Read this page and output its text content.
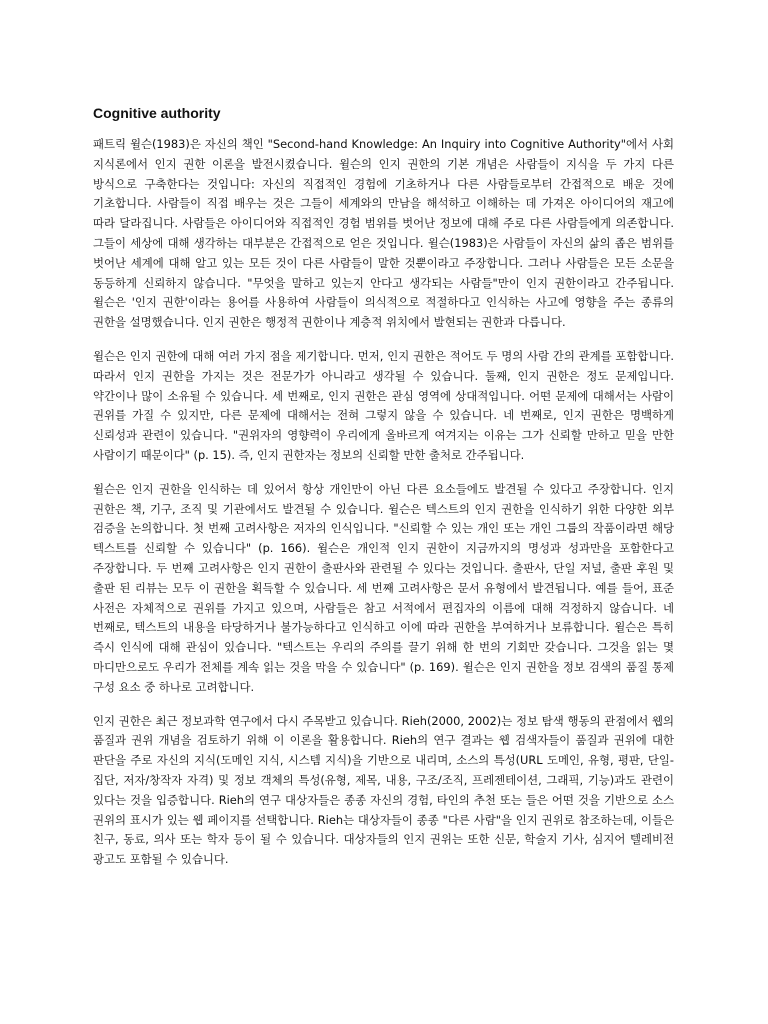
Cognitive authority

패트릭 윌슨(1983)은 자신의 책인 "Second-hand Knowledge: An Inquiry into Cognitive Authority"에서 사회 지식론에서 인지 권한 이론을 발전시켰습니다. 윌슨의 인지 권한의 기본 개념은 사람들이 지식을 두 가지 다른 방식으로 구축한다는 것입니다: 자신의 직접적인 경험에 기초하거나 다른 사람들로부터 간접적으로 배운 것에 기초합니다. 사람들이 직접 배우는 것은 그들이 세계와의 만남을 해석하고 이해하는 데 가져온 아이디어의 재고에 따라 달라집니다. 사람들은 아이디어와 직접적인 경험 범위를 벗어난 정보에 대해 주로 다른 사람들에게 의존합니다. 그들이 세상에 대해 생각하는 대부분은 간접적으로 얻은 것입니다. 윌슨(1983)은 사람들이 자신의 삶의 좁은 범위를 벗어난 세계에 대해 알고 있는 모든 것이 다른 사람들이 말한 것뿐이라고 주장합니다. 그러나 사람들은 모든 소문을 동등하게 신뢰하지 않습니다. "무엇을 말하고 있는지 안다고 생각되는 사람들"만이 인지 권한이라고 간주됩니다. 윌슨은 '인지 권한'이라는 용어를 사용하여 사람들이 의식적으로 적절하다고 인식하는 사고에 영향을 주는 종류의 권한을 설명했습니다. 인지 권한은 행정적 권한이나 계층적 위치에서 발현되는 권한과 다릅니다.

윌슨은 인지 권한에 대해 여러 가지 점을 제기합니다. 먼저, 인지 권한은 적어도 두 명의 사람 간의 관계를 포함합니다. 따라서 인지 권한을 가지는 것은 전문가가 아니라고 생각될 수 있습니다. 둘째, 인지 권한은 정도 문제입니다. 약간이나 많이 소유될 수 있습니다. 세 번째로, 인지 권한은 관심 영역에 상대적입니다. 어떤 문제에 대해서는 사람이 권위를 가질 수 있지만, 다른 문제에 대해서는 전혀 그렇지 않을 수 있습니다. 네 번째로, 인지 권한은 명백하게 신뢰성과 관련이 있습니다. "권위자의 영향력이 우리에게 올바르게 여겨지는 이유는 그가 신뢰할 만하고 믿을 만한 사람이기 때문이다" (p. 15). 즉, 인지 권한자는 정보의 신뢰할 만한 출처로 간주됩니다.

윌슨은 인지 권한을 인식하는 데 있어서 항상 개인만이 아닌 다른 요소들에도 발견될 수 있다고 주장합니다. 인지 권한은 책, 기구, 조직 및 기관에서도 발견될 수 있습니다. 윌슨은 텍스트의 인지 권한을 인식하기 위한 다양한 외부 검증을 논의합니다. 첫 번째 고려사항은 저자의 인식입니다. "신뢰할 수 있는 개인 또는 개인 그룹의 작품이라면 해당 텍스트를 신뢰할 수 있습니다" (p. 166). 윌슨은 개인적 인지 권한이 지금까지의 명성과 성과만을 포함한다고 주장합니다. 두 번째 고려사항은 인지 권한이 출판사와 관련될 수 있다는 것입니다. 출판사, 단일 저널, 출판 후원 및 출판 된 리뷰는 모두 이 권한을 획득할 수 있습니다. 세 번째 고려사항은 문서 유형에서 발견됩니다. 예를 들어, 표준 사전은 자체적으로 권위를 가지고 있으며, 사람들은 참고 서적에서 편집자의 이름에 대해 걱정하지 않습니다. 네 번째로, 텍스트의 내용을 타당하거나 불가능하다고 인식하고 이에 따라 권한을 부여하거나 보류합니다. 윌슨은 특히 즉시 인식에 대해 관심이 있습니다. "텍스트는 우리의 주의를 끌기 위해 한 번의 기회만 갖습니다. 그것을 읽는 몇 마디만으로도 우리가 전체를 계속 읽는 것을 막을 수 있습니다" (p. 169). 윌슨은 인지 권한을 정보 검색의 품질 통제 구성 요소 중 하나로 고려합니다.

인지 권한은 최근 정보과학 연구에서 다시 주목받고 있습니다. Rieh(2000, 2002)는 정보 탐색 행동의 관점에서 웹의 품질과 권위 개념을 검토하기 위해 이 이론을 활용합니다. Rieh의 연구 결과는 웹 검색자들이 품질과 권위에 대한 판단을 주로 자신의 지식(도메인 지식, 시스템 지식)을 기반으로 내리며, 소스의 특성(URL 도메인, 유형, 평판, 단일-집단, 저자/창작자 자격) 및 정보 객체의 특성(유형, 제목, 내용, 구조/조직, 프레젠테이션, 그래픽, 기능)과도 관련이 있다는 것을 입증합니다. Rieh의 연구 대상자들은 종종 자신의 경험, 타인의 추천 또는 들은 어떤 것을 기반으로 소스 권위의 표시가 있는 웹 페이지를 선택합니다. Rieh는 대상자들이 종종 "다른 사람"을 인지 권위로 참조하는데, 이들은 친구, 동료, 의사 또는 학자 등이 될 수 있습니다. 대상자들의 인지 권위는 또한 신문, 학술지 기사, 심지어 텔레비전 광고도 포함될 수 있습니다.
